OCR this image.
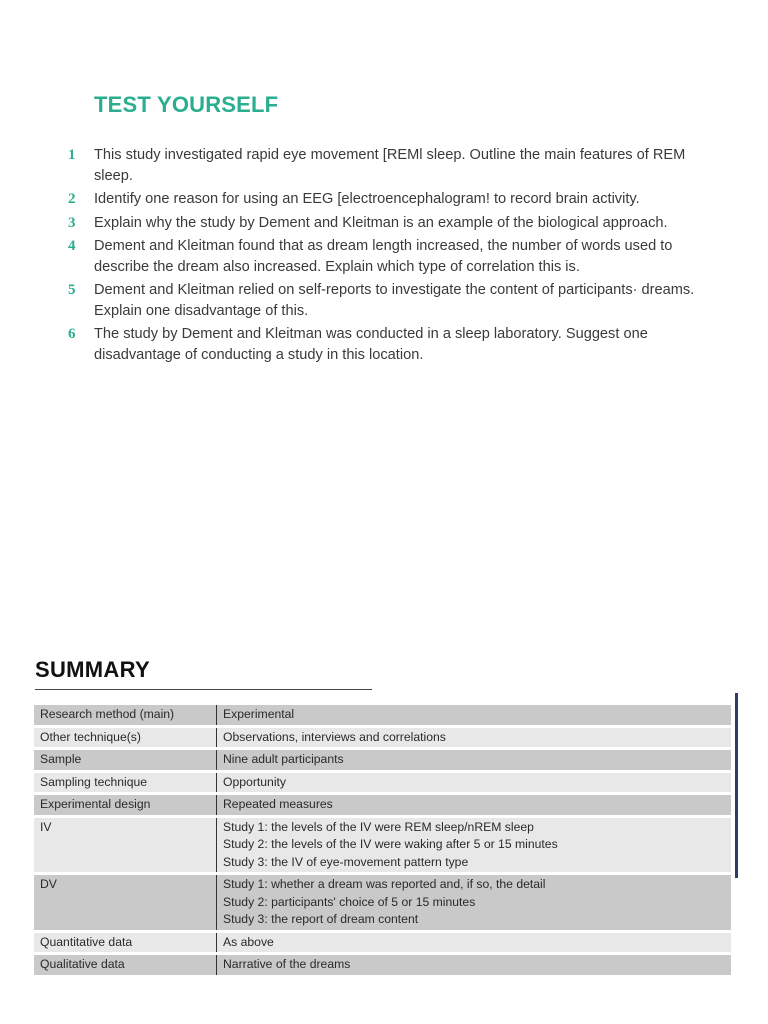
TEST YOURSELF
1 This study investigated rapid eye movement [REMl sleep. Outline the main features of REM sleep.
2 Identify one reason for using an EEG [electroencephalogram! to record brain activity.
3 Explain why the study by Dement and Kleitman is an example of the biological approach.
4 Dement and Kleitman found that as dream length increased, the number of words used to describe the dream also increased. Explain which type of correlation this is.
5 Dement and Kleitman relied on self-reports to investigate the content of participants· dreams. Explain one disadvantage of this.
6 The study by Dement and Kleitman was conducted in a sleep laboratory. Suggest one disadvantage of conducting a study in this location.
SUMMARY
Research method (main)	Experimental
Other technique(s)	Observations, interviews and correlations
Sample	Nine adult participants
Sampling technique	Opportunity
Experimental design	Repeated measures
IV	Study 1: the levels of the IV were REM sleep/nREM sleep
Study 2: the levels of the IV were waking after 5 or 15 minutes
Study 3: the IV of eye-movement pattern type
DV	Study 1: whether a dream was reported and, if so, the detail
Study 2: participants' choice of 5 or 15 minutes
Study 3: the report of dream content
Quantitative data	As above
Qualitative data	Narrative of the dreams
